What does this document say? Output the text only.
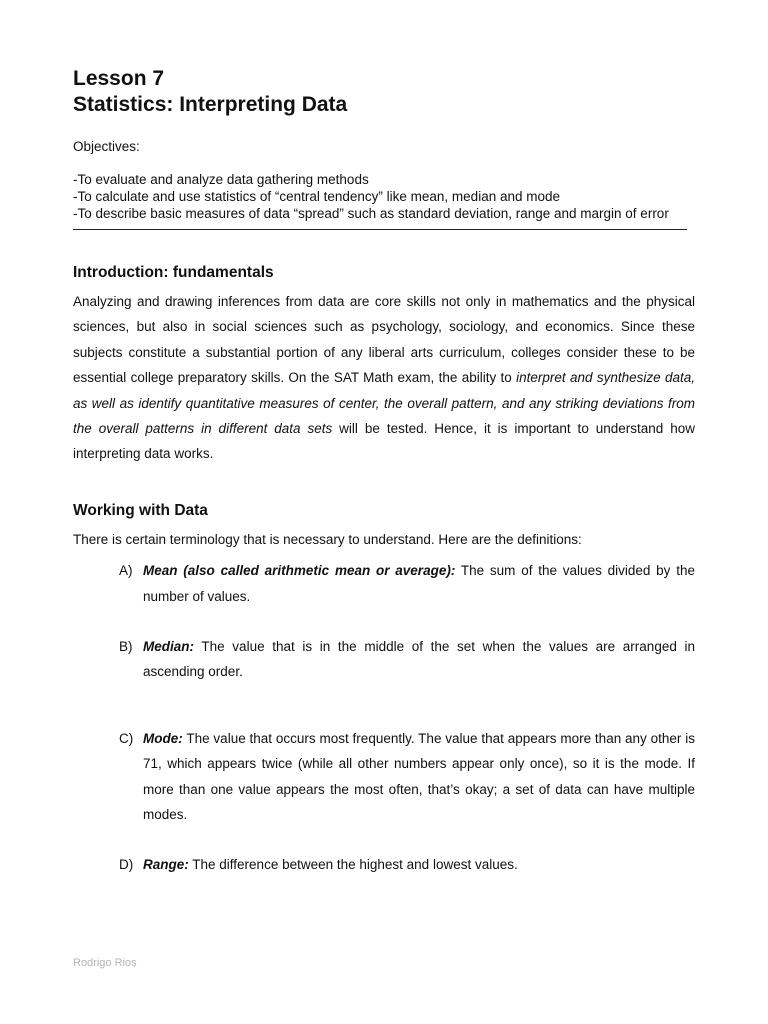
Lesson 7
Statistics: Interpreting Data

Objectives:

-To evaluate and analyze data gathering methods

-To calculate and use statistics of “central tendency” like mean, median and mode

-To describe basic measures of data “spread” such as standard deviation, range and margin of error

Introduction: fundamentals

Analyzing and drawing inferences from data are core skills not only in mathematics and the physical sciences, but also in social sciences such as psychology, sociology, and economics. Since these subjects constitute a substantial portion of any liberal arts curriculum, colleges consider these to be essential college preparatory skills. On the SAT Math exam, the ability to interpret and synthesize data, as well as identify quantitative measures of center, the overall pattern, and any striking deviations from the overall patterns in different data sets will be tested. Hence, it is important to understand how interpreting data works.

Working with Data

There is certain terminology that is necessary to understand. Here are the definitions:

A) Mean (also called arithmetic mean or average): The sum of the values divided by the number of values.
B) Median: The value that is in the middle of the set when the values are arranged in ascending order.
C) Mode: The value that occurs most frequently. The value that appears more than any other is 71, which appears twice (while all other numbers appear only once), so it is the mode. If more than one value appears the most often, that’s okay; a set of data can have multiple modes.
D) Range: The difference between the highest and lowest values.
Rodrigo Rios
